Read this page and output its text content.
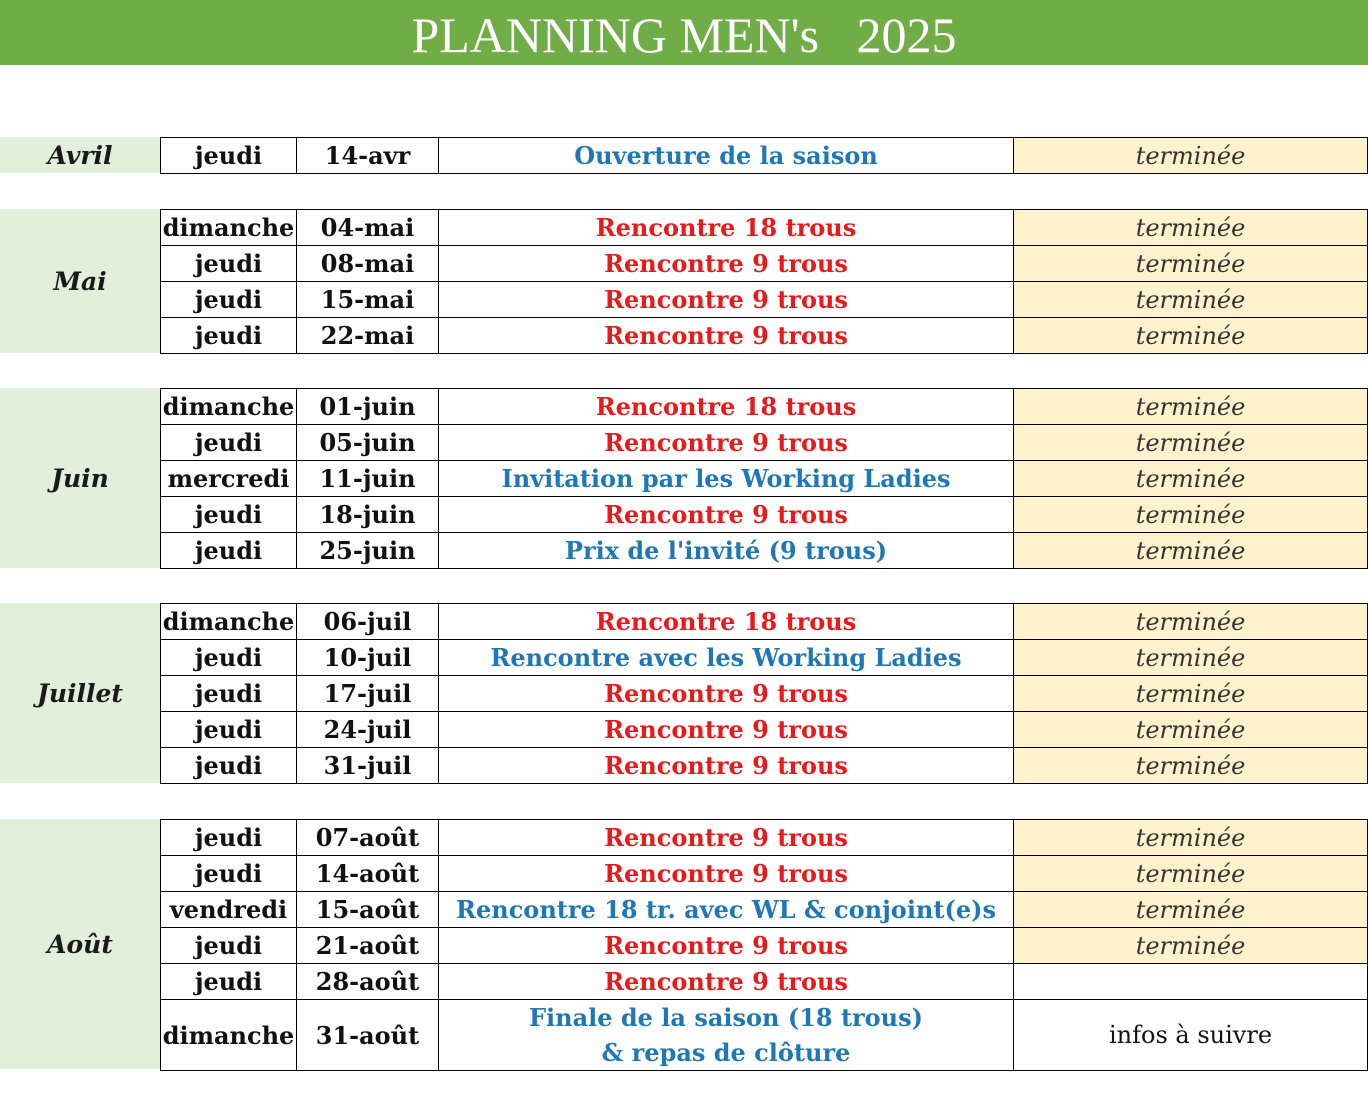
PLANNING MEN's   2025
Avril	jeudi	14-avr	Ouverture de la saison	terminée
Mai
dimanche	04-mai	Rencontre 18 trous	terminée
jeudi	08-mai	Rencontre 9 trous	terminée
jeudi	15-mai	Rencontre 9 trous	terminée
jeudi	22-mai	Rencontre 9 trous	terminée
Juin
dimanche	01-juin	Rencontre 18 trous	terminée
jeudi	05-juin	Rencontre 9 trous	terminée
mercredi	11-juin	Invitation par les Working Ladies	terminée
jeudi	18-juin	Rencontre 9 trous	terminée
jeudi	25-juin	Prix de l'invité (9 trous)	terminée
Juillet
dimanche	06-juil	Rencontre 18 trous	terminée
jeudi	10-juil	Rencontre avec les Working Ladies	terminée
jeudi	17-juil	Rencontre 9 trous	terminée
jeudi	24-juil	Rencontre 9 trous	terminée
jeudi	31-juil	Rencontre 9 trous	terminée
Août
jeudi	07-août	Rencontre 9 trous	terminée
jeudi	14-août	Rencontre 9 trous	terminée
vendredi	15-août	Rencontre 18 tr. avec WL & conjoint(e)s	terminée
jeudi	21-août	Rencontre 9 trous	terminée
jeudi	28-août	Rencontre 9 trous	
dimanche	31-août	Finale de la saison (18 trous)
& repas de clôture	infos à suivre
